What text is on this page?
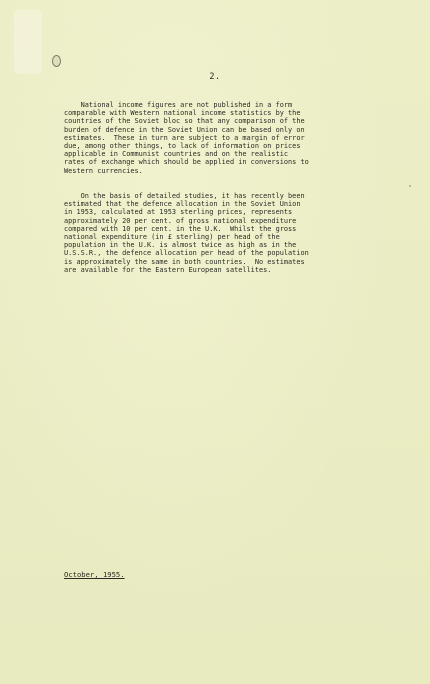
2.

National income figures are not published in a form
comparable with Western national income statistics by the
countries of the Soviet bloc so that any comparison of the
burden of defence in the Soviet Union can be based only on
estimates.  These in turn are subject to a margin of error
due, among other things, to lack of information on prices
applicable in Communist countries and on the realistic
rates of exchange which should be applied in conversions to
Western currencies.

On the basis of detailed studies, it has recently been
estimated that the defence allocation in the Soviet Union
in 1953, calculated at 1953 sterling prices, represents
approximately 20 per cent. of gross national expenditure
compared with 10 per cent. in the U.K.  Whilst the gross
national expenditure (in £ sterling) per head of the
population in the U.K. is almost twice as high as in the
U.S.S.R., the defence allocation per head of the population
is approximately the same in both countries.  No estimates
are available for the Eastern European satellites.

October, 1955.
